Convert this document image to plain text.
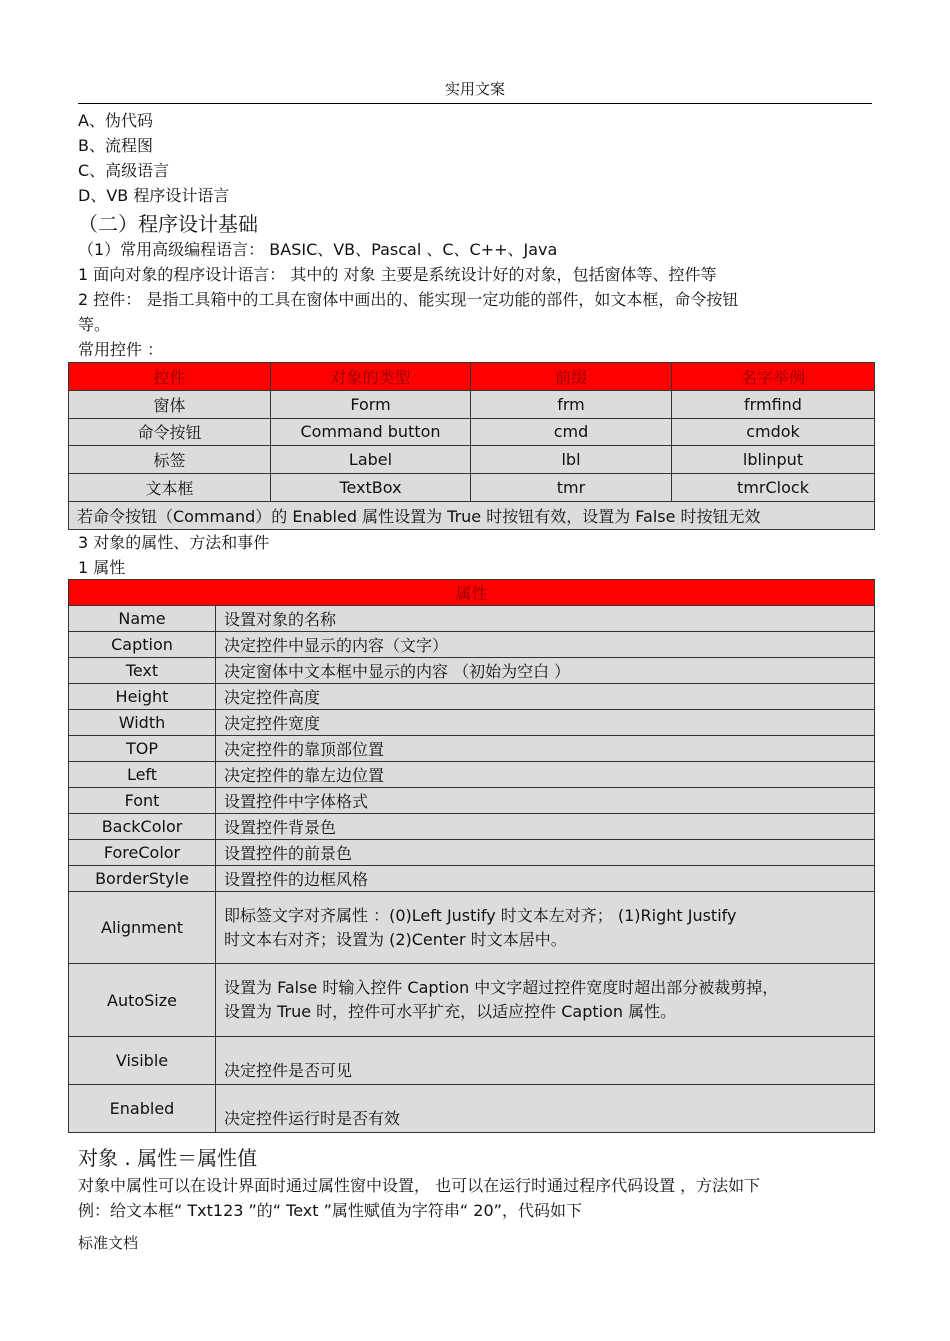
实用文案
A、伪代码
B、流程图
C、高级语言
D、VB 程序设计语言
（二）程序设计基础
（1）常用高级编程语言： BASIC、VB、Pascal 、C、C++、Java
1 面向对象的程序设计语言： 其中的 对象 主要是系统设计好的对象，包括窗体等、控件等
2 控件： 是指工具箱中的工具在窗体中画出的、能实现一定功能的部件，如文本框，命令按钮
等。
常用控件 ：
控件	对象的类型	前缀	名字举例
窗体	Form	frm	frmfind
命令按钮	Command button	cmd	cmdok
标签	Label	lbl	lblinput
文本框	TextBox	tmr	tmrClock
若命令按钮（Command）的 Enabled 属性设置为 True 时按钮有效，设置为 False 时按钮无效			
3 对象的属性、方法和事件
1 属性
属性	
Name	设置对象的名称
Caption	决定控件中显示的内容（文字）
Text	决定窗体中文本框中显示的内容 （初始为空白 ）
Height	决定控件高度
Width	决定控件宽度
TOP	决定控件的靠顶部位置
Left	决定控件的靠左边位置
Font	设置控件中字体格式
BackColor	设置控件背景色
ForeColor	设置控件的前景色
BorderStyle	设置控件的边框风格
Alignment	即标签文字对齐属性 ：(0)Left Justify 时文本左对齐； (1)Right Justify
时文本右对齐；设置为 (2)Center 时文本居中。

AutoSize	设置为 False 时输入控件 Caption 中文字超过控件宽度时超出部分被裁剪掉，
设置为 True 时，控件可水平扩充，以适应控件 Caption 属性。

Visible	决定控件是否可见
Enabled	决定控件运行时是否有效
对象 . 属性＝属性值
对象中属性可以在设计界面时通过属性窗中设置， 也可以在运行时通过程序代码设置 ，方法如下
例：给文本框“ Txt123 ”的“ Text ”属性赋值为字符串“ 20”，代码如下
标准文档
